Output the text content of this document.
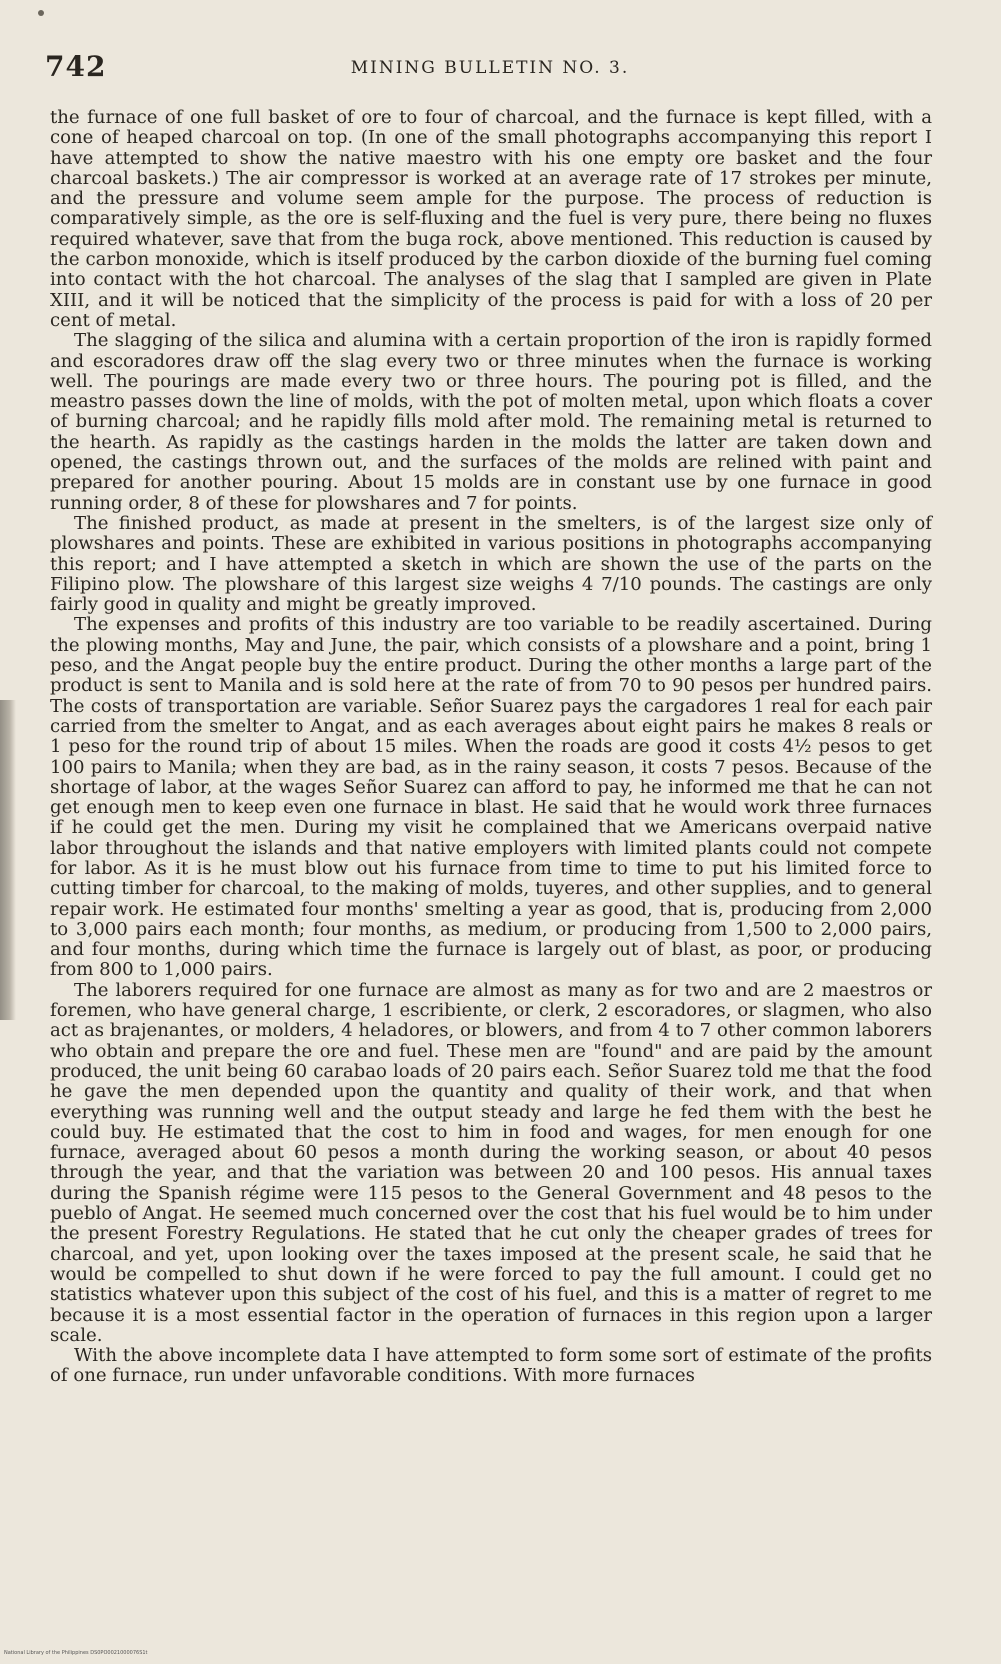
742	MINING BULLETIN NO. 3.

the furnace of one full basket of ore to four of charcoal, and the furnace is kept filled, with a cone of heaped charcoal on top. (In one of the small photographs accompanying this report I have attempted to show the native maestro with his one empty ore basket and the four charcoal baskets.) The air compressor is worked at an average rate of 17 strokes per minute, and the pressure and volume seem ample for the purpose. The process of reduction is comparatively simple, as the ore is self-fluxing and the fuel is very pure, there being no fluxes required whatever, save that from the buga rock, above mentioned. This reduction is caused by the carbon monoxide, which is itself produced by the carbon dioxide of the burning fuel coming into contact with the hot charcoal. The analyses of the slag that I sampled are given in Plate XIII, and it will be noticed that the simplicity of the process is paid for with a loss of 20 per cent of metal.

The slagging of the silica and alumina with a certain proportion of the iron is rapidly formed and escoradores draw off the slag every two or three minutes when the furnace is working well. The pourings are made every two or three hours. The pouring pot is filled, and the meastro passes down the line of molds, with the pot of molten metal, upon which floats a cover of burning charcoal; and he rapidly fills mold after mold. The remaining metal is returned to the hearth. As rapidly as the castings harden in the molds the latter are taken down and opened, the castings thrown out, and the surfaces of the molds are relined with paint and prepared for another pouring. About 15 molds are in constant use by one furnace in good running order, 8 of these for plowshares and 7 for points.

The finished product, as made at present in the smelters, is of the largest size only of plowshares and points. These are exhibited in various positions in photographs accompanying this report; and I have attempted a sketch in which are shown the use of the parts on the Filipino plow. The plowshare of this largest size weighs 4 7/10 pounds. The castings are only fairly good in quality and might be greatly improved.

The expenses and profits of this industry are too variable to be readily ascertained. During the plowing months, May and June, the pair, which consists of a plowshare and a point, bring 1 peso, and the Angat people buy the entire product. During the other months a large part of the product is sent to Manila and is sold here at the rate of from 70 to 90 pesos per hundred pairs. The costs of transportation are variable. Señor Suarez pays the cargadores 1 real for each pair carried from the smelter to Angat, and as each averages about eight pairs he makes 8 reals or 1 peso for the round trip of about 15 miles. When the roads are good it costs 4½ pesos to get 100 pairs to Manila; when they are bad, as in the rainy season, it costs 7 pesos. Because of the shortage of labor, at the wages Señor Suarez can afford to pay, he informed me that he can not get enough men to keep even one furnace in blast. He said that he would work three furnaces if he could get the men. During my visit he complained that we Americans overpaid native labor throughout the islands and that native employers with limited plants could not compete for labor. As it is he must blow out his furnace from time to time to put his limited force to cutting timber for charcoal, to the making of molds, tuyeres, and other supplies, and to general repair work. He estimated four months' smelting a year as good, that is, producing from 2,000 to 3,000 pairs each month; four months, as medium, or producing from 1,500 to 2,000 pairs, and four months, during which time the furnace is largely out of blast, as poor, or producing from 800 to 1,000 pairs.

The laborers required for one furnace are almost as many as for two and are 2 maestros or foremen, who have general charge, 1 escribiente, or clerk, 2 escoradores, or slagmen, who also act as brajenantes, or molders, 4 heladores, or blowers, and from 4 to 7 other common laborers who obtain and prepare the ore and fuel. These men are "found" and are paid by the amount produced, the unit being 60 carabao loads of 20 pairs each. Señor Suarez told me that the food he gave the men depended upon the quantity and quality of their work, and that when everything was running well and the output steady and large he fed them with the best he could buy. He estimated that the cost to him in food and wages, for men enough for one furnace, averaged about 60 pesos a month during the working season, or about 40 pesos through the year, and that the variation was between 20 and 100 pesos. His annual taxes during the Spanish régime were 115 pesos to the General Government and 48 pesos to the pueblo of Angat. He seemed much concerned over the cost that his fuel would be to him under the present Forestry Regulations. He stated that he cut only the cheaper grades of trees for charcoal, and yet, upon looking over the taxes imposed at the present scale, he said that he would be compelled to shut down if he were forced to pay the full amount. I could get no statistics whatever upon this subject of the cost of his fuel, and this is a matter of regret to me because it is a most essential factor in the operation of furnaces in this region upon a larger scale.

With the above incomplete data I have attempted to form some sort of estimate of the profits of one furnace, run under unfavorable conditions. With more furnaces

National Library of the Philippines DS0PO0021000076S1t
